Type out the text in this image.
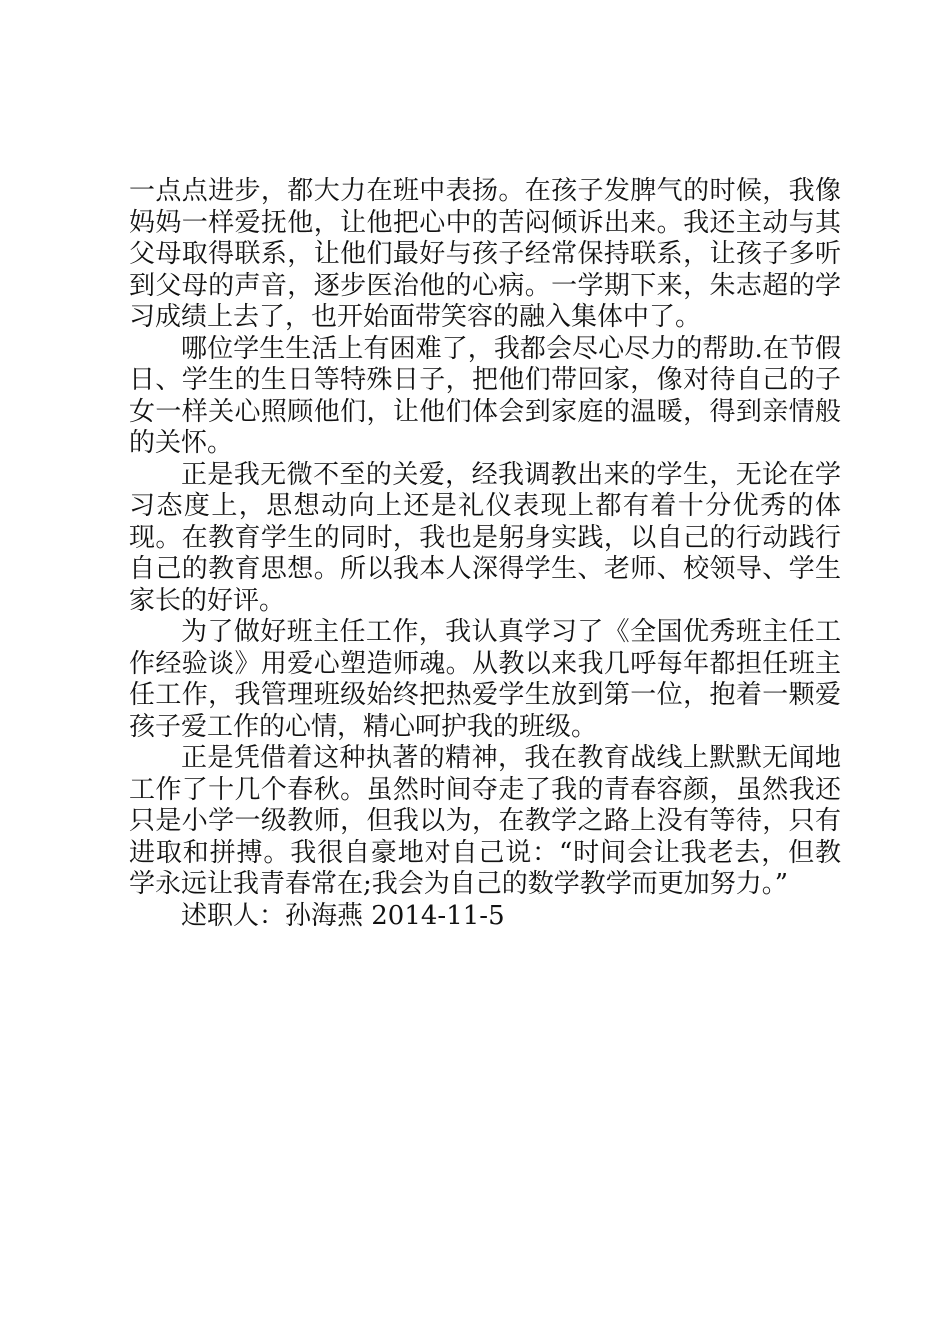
一点点进步，都大力在班中表扬。在孩子发脾气的时候，我像妈妈一样爱抚他，让他把心中的苦闷倾诉出来。我还主动与其父母取得联系，让他们最好与孩子经常保持联系，让孩子多听到父母的声音，逐步医治他的心病。一学期下来，朱志超的学习成绩上去了，也开始面带笑容的融入集体中了。

哪位学生生活上有困难了，我都会尽心尽力的帮助.在节假日、学生的生日等特殊日子，把他们带回家，像对待自己的子女一样关心照顾他们，让他们体会到家庭的温暖，得到亲情般的关怀。

正是我无微不至的关爱，经我调教出来的学生，无论在学习态度上，思想动向上还是礼仪表现上都有着十分优秀的体现。在教育学生的同时，我也是躬身实践，以自己的行动践行自己的教育思想。所以我本人深得学生、老师、校领导、学生家长的好评。

为了做好班主任工作，我认真学习了《全国优秀班主任工作经验谈》用爱心塑造师魂。从教以来我几呼每年都担任班主任工作，我管理班级始终把热爱学生放到第一位，抱着一颗爱孩子爱工作的心情，精心呵护我的班级。

正是凭借着这种执著的精神，我在教育战线上默默无闻地工作了十几个春秋。虽然时间夺走了我的青春容颜，虽然我还只是小学一级教师，但我以为，在教学之路上没有等待，只有进取和拼搏。我很自豪地对自己说：“时间会让我老去，但教学永远让我青春常在;我会为自己的数学教学而更加努力。”

述职人：孙海燕 2014-11-5
